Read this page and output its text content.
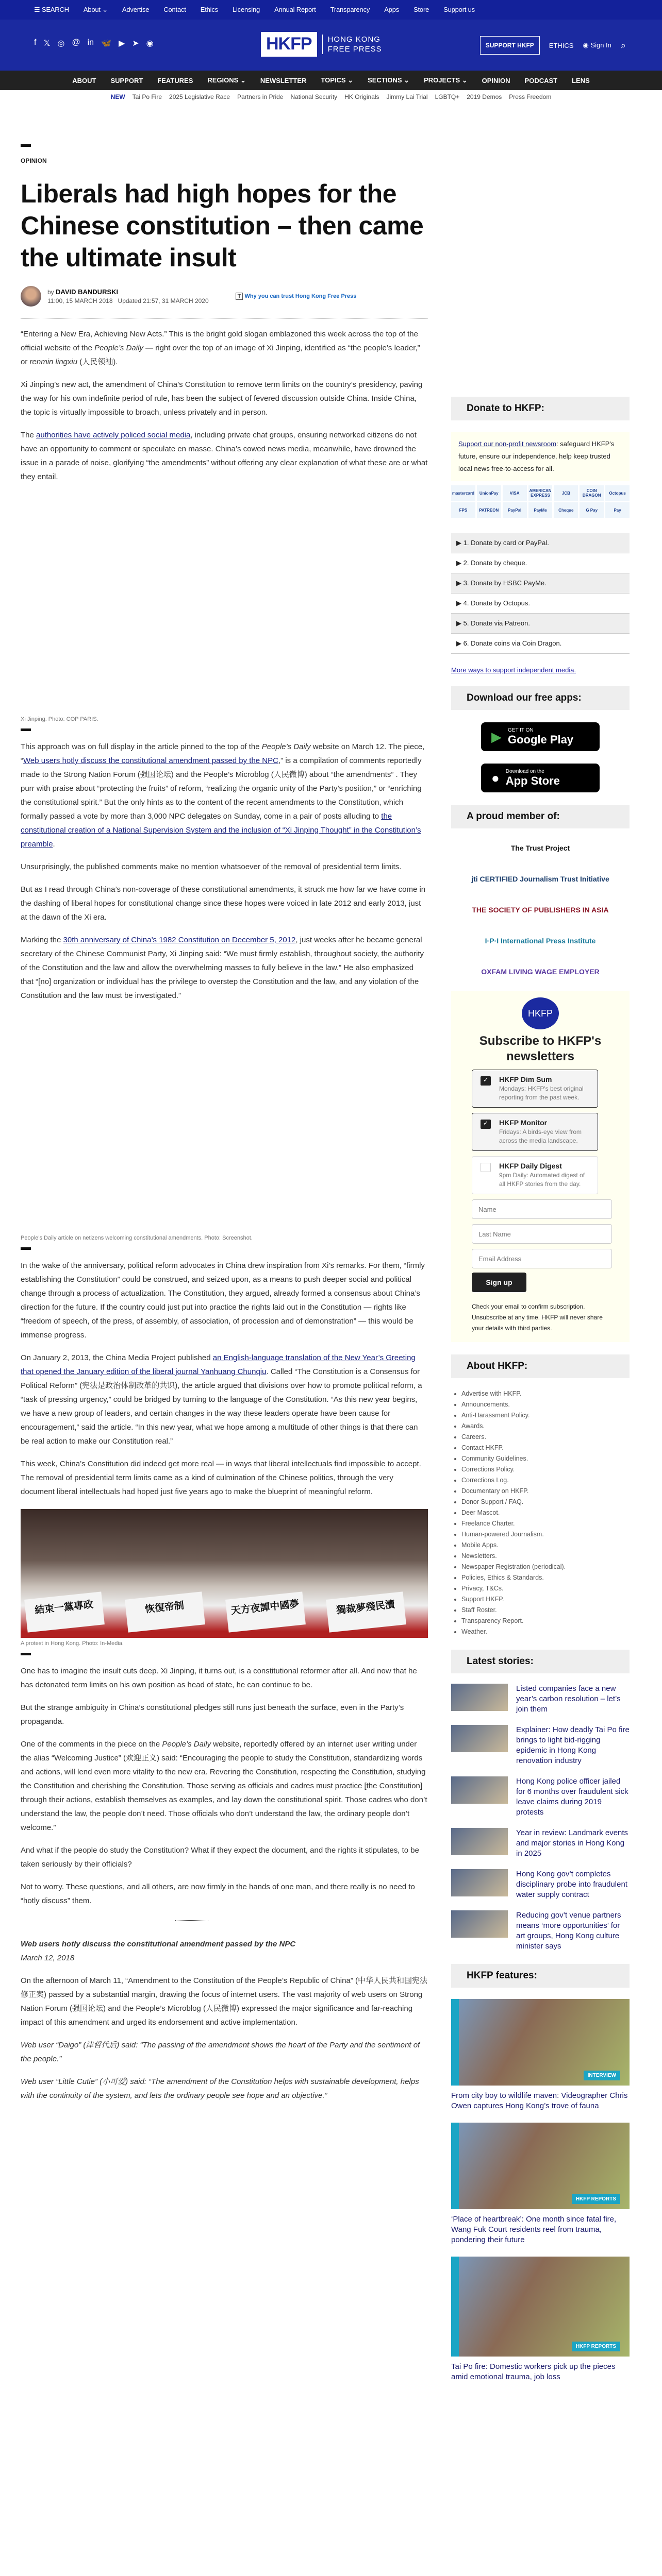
☰ SEARCH About ⌄ Advertise Contact Ethics Licensing Annual Report Transparency Apps Store Support us
f 𝕏 ◎ @ in 🦋 ▶ ➤ ◉	HKFP	HONG KONG
FREE PRESS	SUPPORT HKFP	ETHICS ◉ Sign In ⌕
ABOUT SUPPORT FEATURES REGIONS ⌄ NEWSLETTER TOPICS ⌄ SECTIONS ⌄ PROJECTS ⌄ OPINION PODCAST LENS
NEW Tai Po Fire 2025 Legislative Race Partners in Pride National Security HK Originals Jimmy Lai Trial LGBTQ+ 2019 Demos Press Freedom
OPINION
Liberals had high hopes for the Chinese constitution – then came the ultimate insult
by DAVID BANDURSKI
11:00, 15 MARCH 2018 Updated 21:57, 31 MARCH 2020
T Why you can trust Hong Kong Free Press

“Entering a New Era, Achieving New Acts.” This is the bright gold slogan emblazoned this week across the top of the official website of the People’s Daily — right over the top of an image of Xi Jinping, identified as “the people’s leader,” or renmin lingxiu (人民领袖).

Xi Jinping’s new act, the amendment of China’s Constitution to remove term limits on the country’s presidency, paving the way for his own indefinite period of rule, has been the subject of fevered discussion outside China. Inside China, the topic is virtually impossible to broach, unless privately and in person.

The authorities have actively policed social media, including private chat groups, ensuring networked citizens do not have an opportunity to comment or speculate en masse. China’s cowed news media, meanwhile, have drowned the issue in a parade of noise, glorifying “the amendments” without offering any clear explanation of what these are or what they entail.

Xi Jinping. Photo: COP PARIS.

This approach was on full display in the article pinned to the top of the People’s Daily website on March 12. The piece, “Web users hotly discuss the constitutional amendment passed by the NPC,” is a compilation of comments reportedly made to the Strong Nation Forum (强国论坛) and the People’s Microblog (人民微博) about “the amendments” . They purr with praise about “protecting the fruits” of reform, “realizing the organic unity of the Party’s position,” or “enriching the constitutional spirit.” But the only hints as to the content of the recent amendments to the Constitution, which formally passed a vote by more than 3,000 NPC delegates on Sunday, come in a pair of posts alluding to the constitutional creation of a National Supervision System and the inclusion of “Xi Jinping Thought” in the Constitution’s preamble.

Unsurprisingly, the published comments make no mention whatsoever of the removal of presidential term limits.

But as I read through China’s non-coverage of these constitutional amendments, it struck me how far we have come in the dashing of liberal hopes for constitutional change since these hopes were voiced in late 2012 and early 2013, just at the dawn of the Xi era.

Marking the 30th anniversary of China’s 1982 Constitution on December 5, 2012, just weeks after he became general secretary of the Chinese Communist Party, Xi Jinping said: “We must firmly establish, throughout society, the authority of the Constitution and the law and allow the overwhelming masses to fully believe in the law.” He also emphasized that “[no] organization or individual has the privilege to overstep the Constitution and the law, and any violation of the Constitution and the law must be investigated.”

People’s Daily article on netizens welcoming constitutional amendments. Photo: Screenshot.

In the wake of the anniversary, political reform advocates in China drew inspiration from Xi’s remarks. For them, “firmly establishing the Constitution” could be construed, and seized upon, as a means to push deeper social and political change through a process of actualization. The Constitution, they argued, already formed a consensus about China’s direction for the future. If the country could just put into practice the rights laid out in the Constitution — rights like “freedom of speech, of the press, of assembly, of association, of procession and of demonstration” — this would be immense progress.

On January 2, 2013, the China Media Project published an English-language translation of the New Year’s Greeting that opened the January edition of the liberal journal Yanhuang Chunqiu. Called “The Constitution is a Consensus for Political Reform” (宪法是政治体制改革的共识), the article argued that divisions over how to promote political reform, a “task of pressing urgency,” could be bridged by turning to the language of the Constitution. “As this new year begins, we have a new group of leaders, and certain changes in the way these leaders operate have been cause for encouragement,” said the article. “In this new year, what we hope among a multitude of other things is that there can be real action to make our Constitution real.”

This week, China’s Constitution did indeed get more real — in ways that liberal intellectuals find impossible to accept. The removal of presidential term limits came as a kind of culmination of the Chinese politics, through the very document liberal intellectuals had hoped just five years ago to make the blueprint of meaningful reform.

結束一黨專政	恢復帝制	天方夜譚中國夢	獨裁夢殘民瀆
A protest in Hong Kong. Photo: In-Media.

One has to imagine the insult cuts deep. Xi Jinping, it turns out, is a constitutional reformer after all. And now that he has detonated term limits on his own position as head of state, he can continue to be.

But the strange ambiguity in China’s constitutional pledges still runs just beneath the surface, even in the Party’s propaganda.

One of the comments in the piece on the People’s Daily website, reportedly offered by an internet user writing under the alias “Welcoming Justice” (欢迎正义) said: “Encouraging the people to study the Constitution, standardizing words and actions, will lend even more vitality to the new era. Revering the Constitution, respecting the Constitution, studying the Constitution and cherishing the Constitution. Those serving as officials and cadres must practice [the Constitution] through their actions, establish themselves as examples, and lay down the constitutional spirit. Those cadres who don’t understand the law, the people don’t need. Those officials who don’t understand the law, the ordinary people don’t welcome.”

And what if the people do study the Constitution? What if they expect the document, and the rights it stipulates, to be taken seriously by their officials?

Not to worry. These questions, and all others, are now firmly in the hands of one man, and there really is no need to “hotly discuss” them.

Web users hotly discuss the constitutional amendment passed by the NPC

March 12, 2018

On the afternoon of March 11, “Amendment to the Constitution of the People’s Republic of China” (中华人民共和国宪法修正案) passed by a substantial margin, drawing the focus of internet users. The vast majority of web users on Strong Nation Forum (强国论坛) and the People’s Microblog (人民微博) expressed the major significance and far-reaching impact of this amendment and urged its endorsement and active implementation.

Web user “Daigo” (津哲代后) said: “The passing of the amendment shows the heart of the Party and the sentiment of the people.”

Web user “Little Cutie” (小可爱) said: “The amendment of the Constitution helps with sustainable development, helps with the continuity of the system, and lets the ordinary people see hope and an objective.”

Donate to HKFP:
Support our non-profit newsroom: safeguard HKFP's future, ensure our independence, help keep trusted local news free-to-access for all.
mastercard	UnionPay	VISA	AMERICAN EXPRESS	JCB	COIN DRAGON	Octopus
FPS	PATREON	PayPal	PayMe	Cheque	G Pay	Pay
▶ 1. Donate by card or PayPal.
▶ 2. Donate by cheque.
▶ 3. Donate by HSBC PayMe.
▶ 4. Donate by Octopus.
▶ 5. Donate via Patreon.
▶ 6. Donate coins via Coin Dragon.
More ways to support independent media.
Download our free apps:
▶ GET IT ON
Google Play
● Download on the
App Store
A proud member of:
The Trust Project
jti CERTIFIED Journalism Trust Initiative
THE SOCIETY OF PUBLISHERS IN ASIA
I·P·I International Press Institute
OXFAM LIVING WAGE EMPLOYER
HKFP
Subscribe to HKFP's newsletters
✓	HKFP Dim Sum
Mondays: HKFP's best original reporting from the past week.
✓	HKFP Monitor
Fridays: A birds-eye view from across the media landscape.
HKFP Daily Digest
9pm Daily: Automated digest of all HKFP stories from the day.
Name
Last Name
Email Address
Sign up
Check your email to confirm subscription. Unsubscribe at any time. HKFP will never share your details with third parties.
About HKFP:
• Advertise with HKFP.
• Announcements.
• Anti-Harassment Policy.
• Awards.
• Careers.
• Contact HKFP.
• Community Guidelines.
• Corrections Policy.
• Corrections Log.
• Documentary on HKFP.
• Donor Support / FAQ.
• Deer Mascot.
• Freelance Charter.
• Human-powered Journalism.
• Mobile Apps.
• Newsletters.
• Newspaper Registration (periodical).
• Policies, Ethics & Standards.
• Privacy, T&Cs.
• Support HKFP.
• Staff Roster.
• Transparency Report.
• Weather.
Latest stories:
Listed companies face a new year’s carbon resolution – let’s join them
Explainer: How deadly Tai Po fire brings to light bid-rigging epidemic in Hong Kong renovation industry
Hong Kong police officer jailed for 6 months over fraudulent sick leave claims during 2019 protests
Year in review: Landmark events and major stories in Hong Kong in 2025
Hong Kong gov’t completes disciplinary probe into fraudulent water supply contract
Reducing gov’t venue partners means ‘more opportunities’ for art groups, Hong Kong culture minister says
HKFP features:
INTERVIEW
From city boy to wildlife maven: Videographer Chris Owen captures Hong Kong’s trove of fauna
HKFP REPORTS
‘Place of heartbreak’: One month since fatal fire, Wang Fuk Court residents reel from trauma, pondering their future
HKFP REPORTS
Tai Po fire: Domestic workers pick up the pieces amid emotional trauma, job loss
